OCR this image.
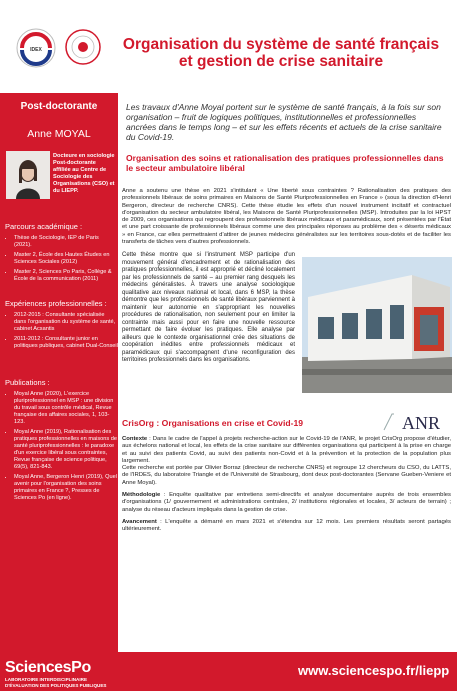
IDEX	Organisation du système de santé français
et gestion de crise sanitaire
Post-doctorante
Anne MOYAL
Docteure en sociologie Post-doctorante affiliée au Centre de Sociologie des Organisations (CSO) et du LIEPP.
Parcours académique :
• Thèse de Sociologie, IEP de Paris (2021).
• Master 2, École des Hautes Études en Sciences Sociales (2012)
• Master 2, Sciences Po Paris, Collège & École de la communication (2011)
Expériences professionnelles :
• 2012-2015 : Consultante spécialisée dans l'organisation du système de santé, cabinet Acsantis
• 2011-2012 : Consultante junior en politiques publiques, cabinet Dual-Conseil
Publications :
• Moyal Anne (2020), L'exercice pluriprofessionnel en MSP : une division du travail sous contrôle médical, Revue française des affaires sociales, 1, 103-123.
• Moyal Anne (2019), Rationalisation des pratiques professionnelles en maisons de santé pluriprofessionnelles : le paradoxe d'un exercice libéral sous contraintes, Revue française de science politique, 69(5), 821-843.
• Moyal Anne, Bergeron Henri (2019), Quel avenir pour l'organisation des soins primaires en France ?, Presses de Sciences Po (en ligne).

Les travaux d'Anne Moyal portent sur le système de santé français, à la fois sur son organisation – fruit de logiques politiques, institutionnelles et professionnelles ancrées dans le temps long – et sur les effets récents et actuels de la crise sanitaire du Covid-19.

Organisation des soins et rationalisation des pratiques professionnelles dans le secteur ambulatoire libéral

Anne a soutenu une thèse en 2021 s'intitulant « Une liberté sous contraintes ? Rationalisation des pratiques des professionnels libéraux de soins primaires en Maisons de Santé Pluriprofessionnelles en France » (sous la direction d'Henri Bergeron, directeur de recherche CNRS). Cette thèse étudie les effets d'un nouvel instrument incitatif et contractuel d'organisation du secteur ambulatoire libéral, les Maisons de Santé Pluriprofessionnelles (MSP). Introduites par la loi HPST de 2009, ces organisations qui regroupent des professionnels libéraux médicaux et paramédicaux, sont présentées par l'État et une part croissante de professionnels libéraux comme une des principales réponses au problème des « déserts médicaux » en France, car elles permettraient d'attirer de jeunes médecins généralistes sur les territoires sous-dotés et de faciliter les transferts de tâches vers d'autres professionnels.

Cette thèse montre que si l'instrument MSP participe d'un mouvement général d'encadrement et de rationalisation des pratiques professionnelles, il est approprié et décliné localement par les professionnels de santé – au premier rang desquels les médecins généralistes. À travers une analyse sociologique qualitative aux niveaux national et local, dans 6 MSP, la thèse démontre que les professionnels de santé libéraux parviennent à maintenir leur autonomie en s'appropriant les nouvelles procédures de rationalisation, non seulement pour en limiter la contrainte mais aussi pour en faire une nouvelle ressource permettant de faire évoluer les pratiques. Elle analyse par ailleurs que le contexte organisationnel crée des situations de coopération inédites entre professionnels médicaux et paramédicaux qui s'accompagnent d'une reconfiguration des territoires professionnels dans les organisations.

CrisOrg : Organisations en crise et Covid-19	ANR

Contexte : Dans le cadre de l'appel à projets recherche-action sur le Covid-19 de l'ANR, le projet CrisOrg propose d'étudier, aux échelons national et local, les effets de la crise sanitaire sur différentes organisations qui participent à la prise en charge et au suivi des patients Covid, au suivi des patients non-Covid et à la prévention et la protection de la population plus largement.
Cette recherche est portée par Olivier Borraz (directeur de recherche CNRS) et regroupe 12 chercheurs du CSO, du LATTS, de l'IRDES, du laboratoire Triangle et de l'Université de Strasbourg, dont deux post-doctorantes (Servane Gueben-Veniere et Anne Moyal).

Méthodologie : Enquête qualitative par entretiens semi-directifs et analyse documentaire auprès de trois ensembles d'organisations (1/ gouvernement et administrations centrales, 2/ institutions régionales et locales, 3/ acteurs de terrain) ; analyse du réseau d'acteurs impliqués dans la gestion de crise.

Avancement : L'enquête a démarré en mars 2021 et s'étendra sur 12 mois. Les premiers résultats seront partagés ultérieurement.

SciencesPo
LABORATOIRE INTERDISCIPLINAIRE
D'ÉVALUATION DES POLITIQUES PUBLIQUES
www.sciencespo.fr/liepp
